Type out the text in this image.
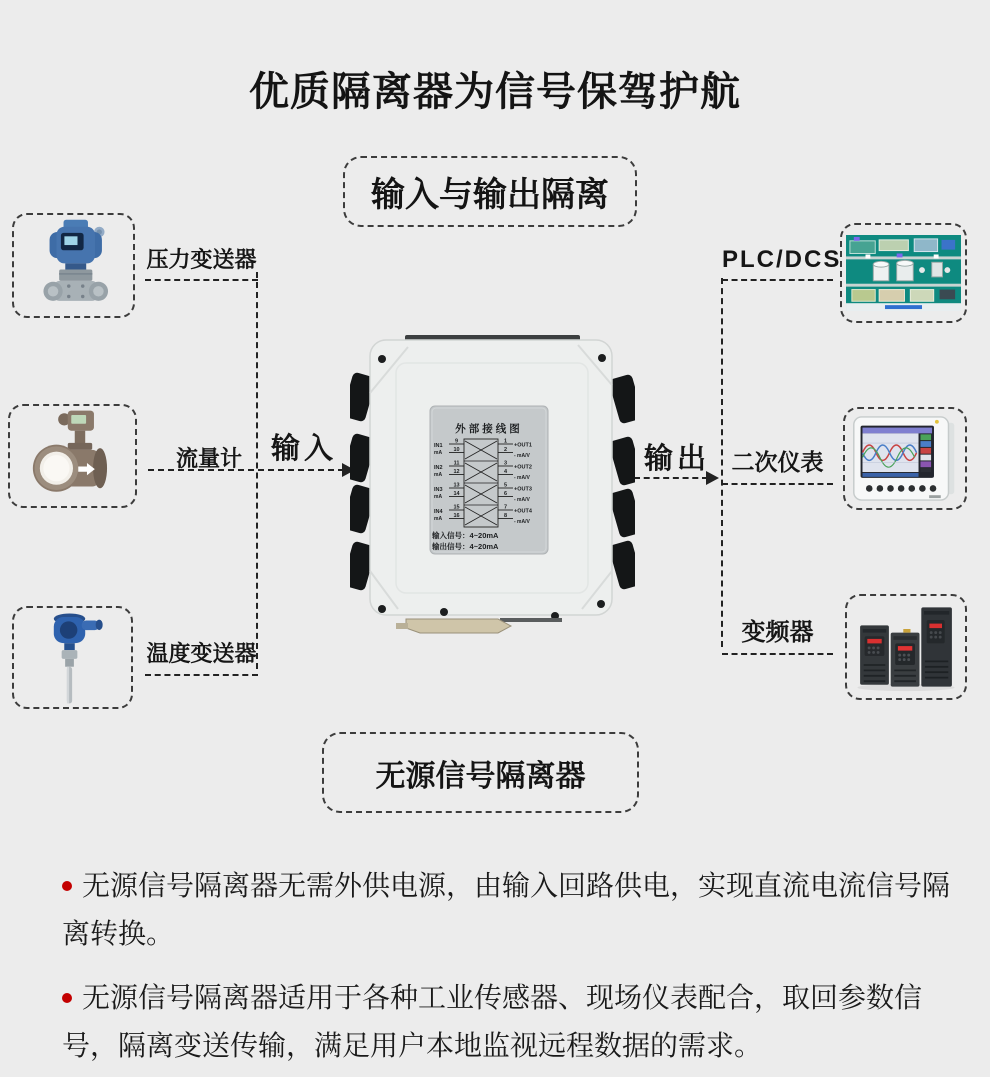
优质隔离器为信号保驾护航
输入与输出隔离
压力变送器
流量计
温度变送器
PLC/DCS
二次仪表
变频器
输入	输出
外部接线图
9
10
IN1
mA
1
2
+OUT1
- mA/V
11
12
IN2
mA
3
4
+OUT2
- mA/V
13
14
IN3
mA
5
6
+OUT3
- mA/V
15
16
IN4
mA
7
8
+OUT4
- mA/V
输入信号：4~20mA
输出信号：4~20mA
无源信号隔离器

无源信号隔离器无需外供电源，由输入回路供电，实现直流电流信号隔离转换。

无源信号隔离器适用于各种工业传感器、现场仪表配合，取回参数信号，隔离变送传输，满足用户本地监视远程数据的需求。
